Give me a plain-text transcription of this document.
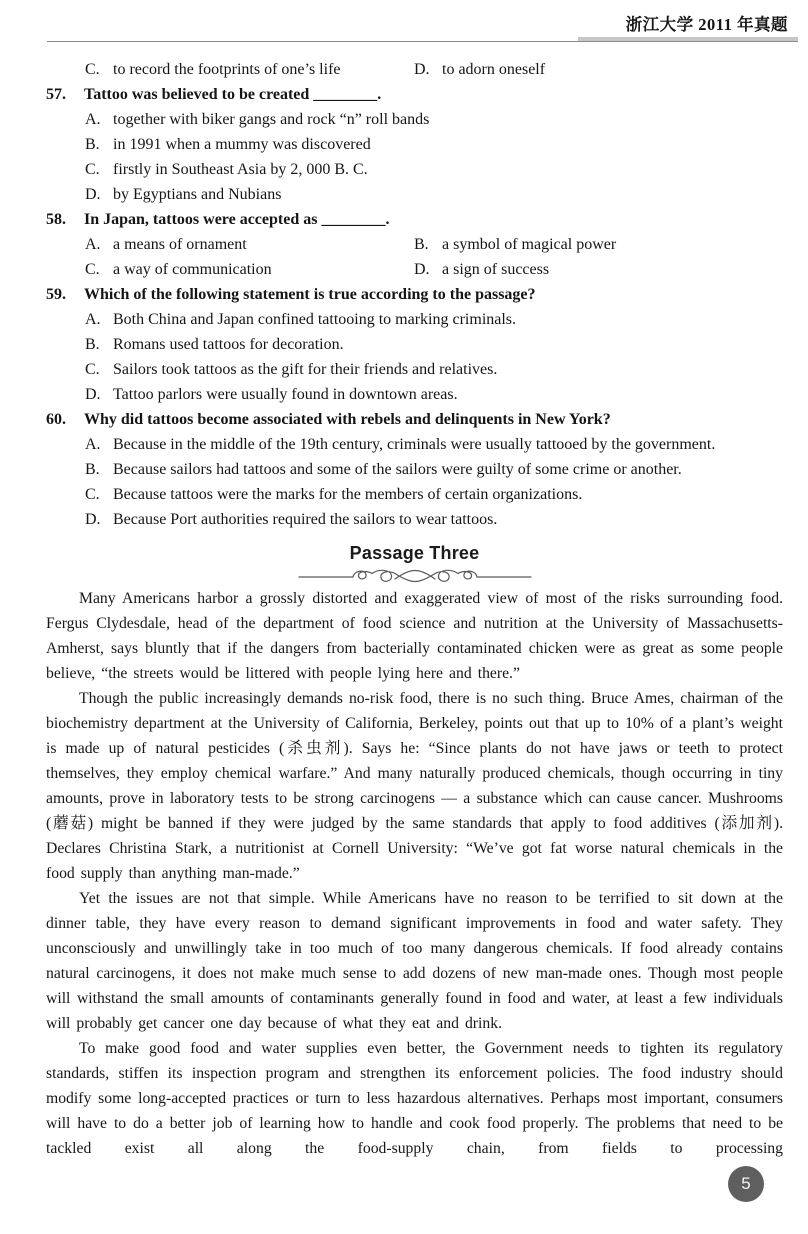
浙江大学 2011 年真题
C. to record the footprints of one’s life	D. to adorn oneself
57. Tattoo was believed to be created ________.
A. together with biker gangs and rock “n” roll bands
B. in 1991 when a mummy was discovered
C. firstly in Southeast Asia by 2, 000 B. C.
D. by Egyptians and Nubians
58. In Japan, tattoos were accepted as ________.
A. a means of ornament	B. a symbol of magical power
C. a way of communication	D. a sign of success
59. Which of the following statement is true according to the passage?
A. Both China and Japan confined tattooing to marking criminals.
B. Romans used tattoos for decoration.
C. Sailors took tattoos as the gift for their friends and relatives.
D. Tattoo parlors were usually found in downtown areas.
60. Why did tattoos become associated with rebels and delinquents in New York?
A. Because in the middle of the 19th century, criminals were usually tattooed by the government.
B. Because sailors had tattoos and some of the sailors were guilty of some crime or another.
C. Because tattoos were the marks for the members of certain organizations.
D. Because Port authorities required the sailors to wear tattoos.
Passage Three

Many Americans harbor a grossly distorted and exaggerated view of most of the risks surrounding food. Fergus Clydesdale, head of the department of food science and nutrition at the University of Massachusetts-Amherst, says bluntly that if the dangers from bacterially contaminated chicken were as great as some people believe, “the streets would be littered with people lying here and there.”

Though the public increasingly demands no-risk food, there is no such thing. Bruce Ames, chairman of the biochemistry department at the University of California, Berkeley, points out that up to 10% of a plant’s weight is made up of natural pesticides (杀虫剂). Says he: “Since plants do not have jaws or teeth to protect themselves, they employ chemical warfare.” And many naturally produced chemicals, though occurring in tiny amounts, prove in laboratory tests to be strong carcinogens — a substance which can cause cancer. Mushrooms (蘑菇) might be banned if they were judged by the same standards that apply to food additives (添加剂). Declares Christina Stark, a nutritionist at Cornell University: “We’ve got fat worse natural chemicals in the food supply than anything man-made.”

Yet the issues are not that simple. While Americans have no reason to be terrified to sit down at the dinner table, they have every reason to demand significant improvements in food and water safety. They unconsciously and unwillingly take in too much of too many dangerous chemicals. If food already contains natural carcinogens, it does not make much sense to add dozens of new man-made ones. Though most people will withstand the small amounts of contaminants generally found in food and water, at least a few individuals will probably get cancer one day because of what they eat and drink.

To make good food and water supplies even better, the Government needs to tighten its regulatory standards, stiffen its inspection program and strengthen its enforcement policies. The food industry should modify some long-accepted practices or turn to less hazardous alternatives. Perhaps most important, consumers will have to do a better job of learning how to handle and cook food properly. The problems that need to be tackled exist all along the food-supply chain, from fields to processing

5
